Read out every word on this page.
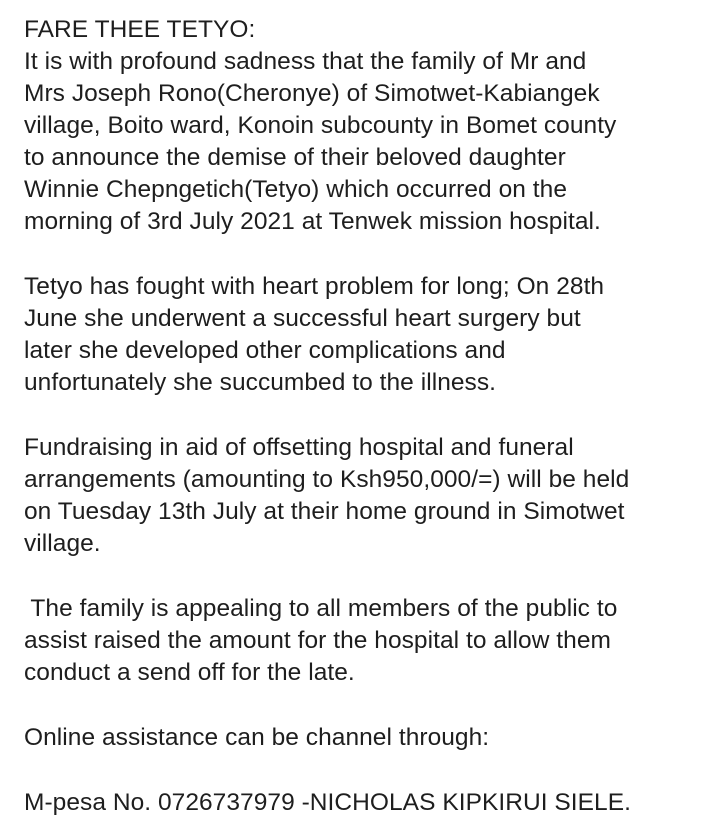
FARE THEE TETYO:
It is with profound sadness that the family of Mr and
Mrs Joseph Rono(Cheronye) of Simotwet-Kabiangek
village, Boito ward, Konoin subcounty in Bomet county
to announce the demise of their beloved daughter
Winnie Chepngetich(Tetyo) which occurred on the
morning of 3rd July 2021 at Tenwek mission hospital.
Tetyo has fought with heart problem for long; On 28th
June she underwent a successful heart surgery but
later she developed other complications and
unfortunately she succumbed to the illness.
Fundraising in aid of offsetting hospital and funeral
arrangements (amounting to Ksh950,000/=) will be held
on Tuesday 13th July at their home ground in Simotwet
village.
The family is appealing to all members of the public to
assist raised the amount for the hospital to allow them
conduct a send off for the late.
Online assistance can be channel through:
M-pesa No. 0726737979 -NICHOLAS KIPKIRUI SIELE.
